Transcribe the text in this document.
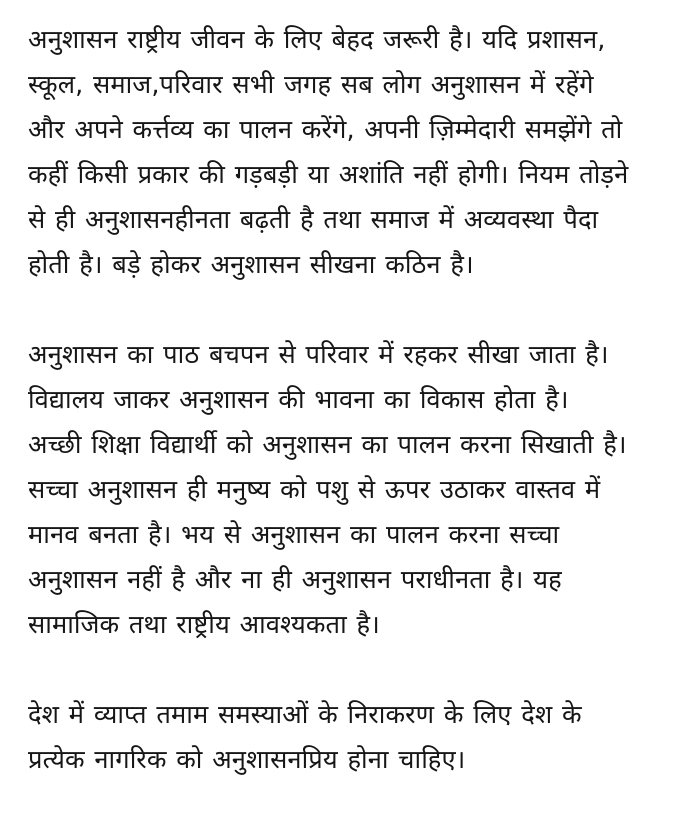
अनुशासन राष्ट्रीय जीवन के लिए बेहद जरूरी है। यदि प्रशासन,
स्कूल, समाज,परिवार सभी जगह सब लोग अनुशासन में रहेंगे
और अपने कर्त्तव्य का पालन करेंगे, अपनी ज़िम्मेदारी समझेंगे तो
कहीं किसी प्रकार की गड़बड़ी या अशांति नहीं होगी। नियम तोड़ने
से ही अनुशासनहीनता बढ़ती है तथा समाज में अव्यवस्था पैदा
होती है। बड़े होकर अनुशासन सीखना कठिन है।

अनुशासन का पाठ बचपन से परिवार में रहकर सीखा जाता है।
विद्यालय जाकर अनुशासन की भावना का विकास होता है।
अच्छी शिक्षा विद्यार्थी को अनुशासन का पालन करना सिखाती है।
सच्चा अनुशासन ही मनुष्य को पशु से ऊपर उठाकर वास्तव में
मानव बनता है। भय से अनुशासन का पालन करना सच्चा
अनुशासन नहीं है और ना ही अनुशासन पराधीनता है। यह
सामाजिक तथा राष्ट्रीय आवश्यकता है।

देश में व्याप्त तमाम समस्याओं के निराकरण के लिए देश के
प्रत्येक नागरिक को अनुशासनप्रिय होना चाहिए।
